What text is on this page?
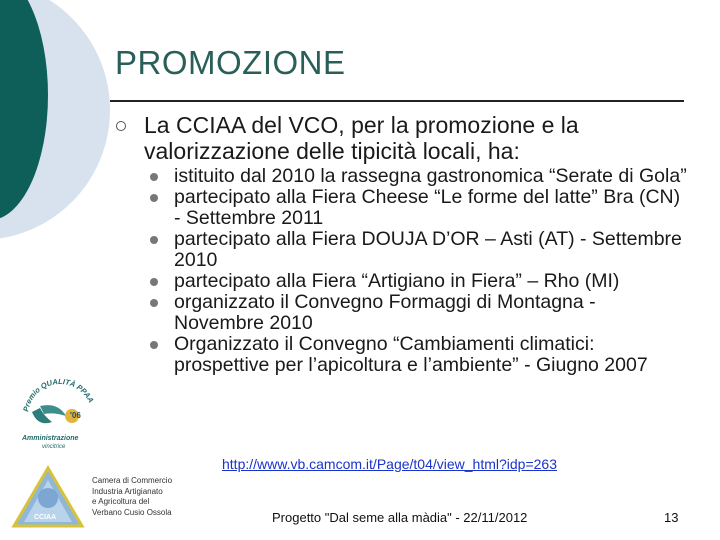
PROMOZIONE
La CCIAA del VCO, per la promozione e la valorizzazione delle tipicità locali, ha:
istituito dal 2010 la rassegna gastronomica “Serate di Gola”
partecipato alla Fiera Cheese “Le forme del latte” Bra (CN) - Settembre 2011
partecipato alla Fiera DOUJA D’OR – Asti (AT) - Settembre 2010
partecipato alla Fiera “Artigiano in Fiera” – Rho (MI)
organizzato il Convegno Formaggi di Montagna - Novembre 2010
Organizzato il Convegno “Cambiamenti climatici: prospettive per l’apicoltura e l’ambiente” - Giugno 2007
http://www.vb.camcom.it/Page/t04/view_html?idp=263
Premio QUALITÀ PPAA
'06
Amministrazione
vincitrice
CCIAA
Camera di Commercio
Industria Artigianato
e Agricoltura del
Verbano Cusio Ossola	Progetto "Dal seme alla màdia" - 22/11/2012	13
